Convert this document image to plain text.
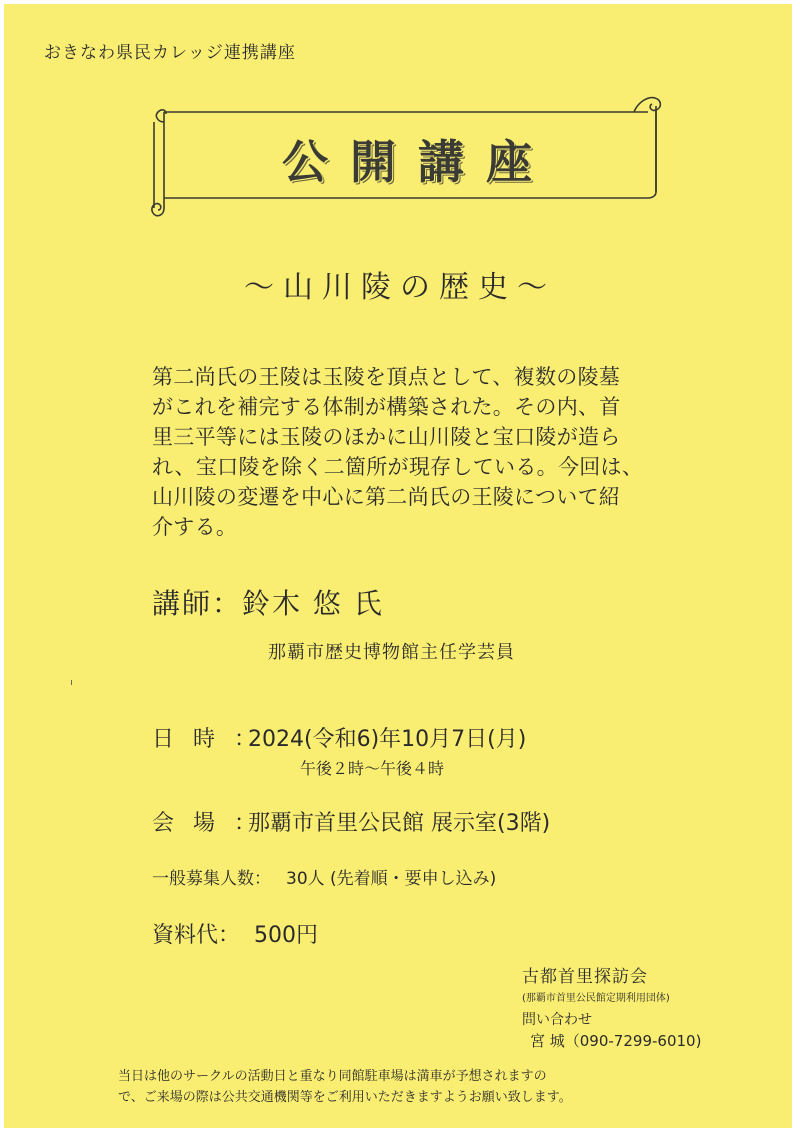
おきなわ県民カレッジ連携講座
公開講座
～山川陵の歴史～
第二尚氏の王陵は玉陵を頂点として、複数の陵墓
がこれを補完する体制が構築された。その内、首
里三平等には玉陵のほかに山川陵と宝口陵が造ら
れ、宝口陵を除く二箇所が現存している。今回は、
山川陵の変遷を中心に第二尚氏の王陵について紹
介する。
講師：鈴木 悠 氏
那覇市歴史博物館主任学芸員
日 時 ：
2024(令和6)年10月7日(月)
午後２時～午後４時
会 場 ：
那覇市首里公民館 展示室(3階)
一般募集人数： 30人 (先着順・要申し込み)
資料代： 500円
古都首里探訪会
(那覇市首里公民館定期利用団体)
問い合わせ
宮 城（090-7299-6010)
当日は他のサークルの活動日と重なり同館駐車場は満車が予想されますの
で、ご来場の際は公共交通機関等をご利用いただきますようお願い致します。
